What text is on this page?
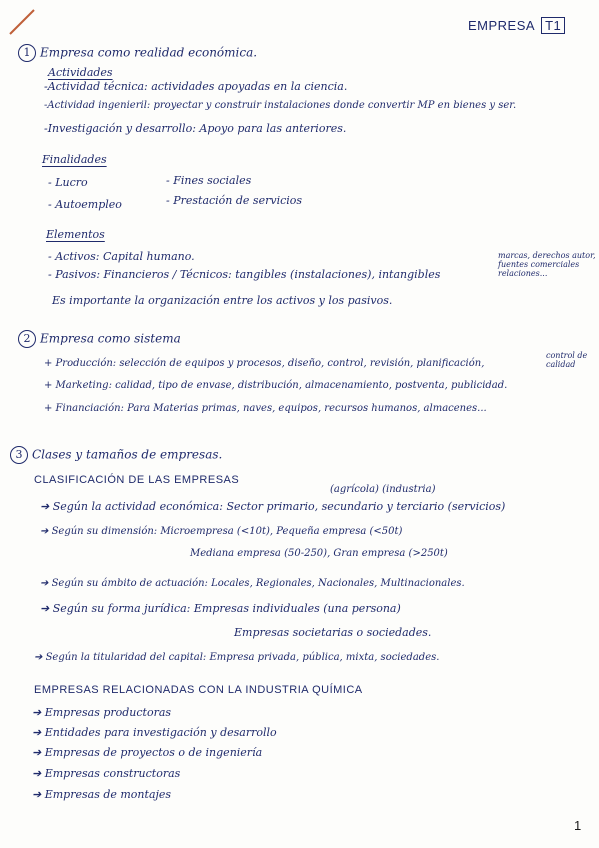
EMPRESA T1
1 Empresa como realidad económica.
Actividades
-Actividad técnica: actividades apoyadas en la ciencia.
-Actividad ingenieril: proyectar y construir instalaciones donde convertir MP en bienes y ser.
-Investigación y desarrollo: Apoyo para las anteriores.
Finalidades
- Lucro
- Autoempleo
- Fines sociales
- Prestación de servicios
Elementos
- Activos: Capital humano.
- Pasivos: Financieros / Técnicos: tangibles (instalaciones), intangibles
marcas, derechos autor,
fuentes comerciales
relaciones...
Es importante la organización entre los activos y los pasivos.
2 Empresa como sistema
+ Producción: selección de equipos y procesos, diseño, control, revisión, planificación,
control de
calidad
+ Marketing: calidad, tipo de envase, distribución, almacenamiento, postventa, publicidad.
+ Financiación: Para Materias primas, naves, equipos, recursos humanos, almacenes...
3 Clases y tamaños de empresas.
CLASIFICACIÓN DE LAS EMPRESAS
(agrícola) (industria)
➔ Según la actividad económica: Sector primario, secundario y terciario (servicios)
➔ Según su dimensión: Microempresa (<10t), Pequeña empresa (<50t)
Mediana empresa (50-250), Gran empresa (>250t)
➔ Según su ámbito de actuación: Locales, Regionales, Nacionales, Multinacionales.
➔ Según su forma jurídica: Empresas individuales (una persona)
Empresas societarias o sociedades.
➔ Según la titularidad del capital: Empresa privada, pública, mixta, sociedades.
EMPRESAS RELACIONADAS CON LA INDUSTRIA QUÍMICA
➔ Empresas productoras
➔ Entidades para investigación y desarrollo
➔ Empresas de proyectos o de ingeniería
➔ Empresas constructoras
➔ Empresas de montajes
1
